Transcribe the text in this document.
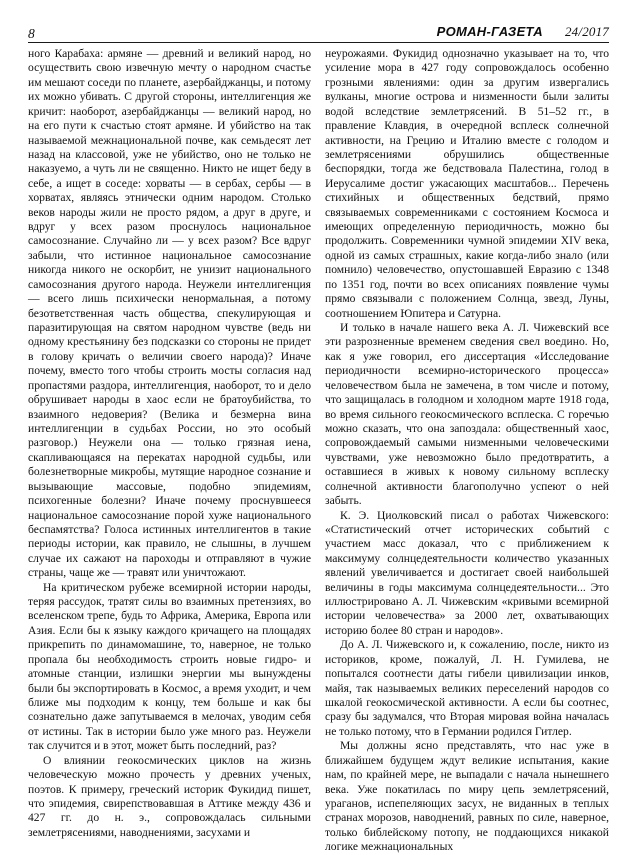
8	РОМАН-ГАЗЕТА 24/2017

ного Карабаха: армяне — древний и великий народ, но осуществить свою извечную мечту о народном счастье им мешают соседи по планете, азербайджанцы, и потому их можно убивать. С другой стороны, интеллигенция же кричит: наоборот, азербайджанцы — великий народ, но на его пути к счастью стоят армяне. И убийство на так называемой межнациональной почве, как семьдесят лет назад на классовой, уже не убийство, оно не только не наказуемо, а чуть ли не священно. Никто не ищет беду в себе, а ищет в соседе: хорваты — в сербах, сербы — в хорватах, являясь этнически одним народом. Столько веков народы жили не просто рядом, а друг в друге, и вдруг у всех разом проснулось национальное самосознание. Случайно ли — у всех разом? Все вдруг забыли, что истинное национальное самосознание никогда никого не оскорбит, не унизит национального самосознания другого народа. Неужели интеллигенция — всего лишь психически ненормальная, а потому безответственная часть общества, спекулирующая и паразитирующая на святом народном чувстве (ведь ни одному крестьянину без подсказки со стороны не придет в голову кричать о величии своего народа)? Иначе почему, вместо того чтобы строить мосты согласия над пропастями раздора, интеллигенция, наоборот, то и дело обрушивает народы в хаос если не братоубийства, то взаимного недоверия? (Велика и безмерна вина интеллигенции в судьбах России, но это особый разговор.) Неужели она — только грязная иена, скапливающаяся на перекатах народной судьбы, или болезнетворные микробы, мутящие народное сознание и вызывающие массовые, подобно эпидемиям, психогенные болезни? Иначе почему проснувшееся национальное самосознание порой хуже национального беспамятства? Голоса истинных интеллигентов в такие периоды истории, как правило, не слышны, в лучшем случае их сажают на пароходы и отправляют в чужие страны, чаще же — травят или уничтожают.

На критическом рубеже всемирной истории народы, теряя рассудок, тратят силы во взаимных претензиях, во вселенском трепе, будь то Африка, Америка, Европа или Азия. Если бы к языку каждого кричащего на площадях прикрепить по динамомашине, то, наверное, не только пропала бы необходимость строить новые гидро- и атомные станции, излишки энергии мы вынуждены были бы экспортировать в Космос, а время уходит, и чем ближе мы подходим к концу, тем больше и как бы сознательно даже запутываемся в мелочах, уводим себя от истины. Так в истории было уже много раз. Неужели так случится и в этот, может быть последний, раз?

О влиянии геокосмических циклов на жизнь человеческую можно прочесть у древних ученых, поэтов. К примеру, греческий историк Фукидид пишет, что эпидемия, свирепствовавшая в Аттике между 436 и 427 гг. до н. э., сопровождалась сильными землетрясениями, наводнениями, засухами и

неурожаями. Фукидид однозначно указывает на то, что усиление мора в 427 году сопровождалось особенно грозными явлениями: один за другим извергались вулканы, многие острова и низменности были залиты водой вследствие землетрясений. В 51–52 гг., в правление Клавдия, в очередной всплеск солнечной активности, на Грецию и Италию вместе с голодом и землетрясениями обрушились общественные беспорядки, тогда же бедствовала Палестина, голод в Иерусалиме достиг ужасающих масштабов... Перечень стихийных и общественных бедствий, прямо связываемых современниками с состоянием Космоса и имеющих определенную периодичность, можно бы продолжить. Современники чумной эпидемии XIV века, одной из самых страшных, какие когда-либо знало (или помнило) человечество, опустошавшей Евразию с 1348 по 1351 год, почти во всех описаниях появление чумы прямо связывали с положением Солнца, звезд, Луны, соотношением Юпитера и Сатурна.

И только в начале нашего века А. Л. Чижевский все эти разрозненные временем сведения свел воедино. Но, как я уже говорил, его диссертация «Исследование периодичности всемирно-исторического процесса» человечеством была не замечена, в том числе и потому, что защищалась в голодном и холодном марте 1918 года, во время сильного геокосмического всплеска. С горечью можно сказать, что она запоздала: общественный хаос, сопровождаемый самыми низменными человеческими чувствами, уже невозможно было предотвратить, а оставшиеся в живых к новому сильному всплеску солнечной активности благополучно успеют о ней забыть.

К. Э. Циолковский писал о работах Чижевского: «Статистический отчет исторических событий с участием масс доказал, что с приближением к максимуму солнцедеятельности количество указанных явлений увеличивается и достигает своей наибольшей величины в годы максимума солнцедеятельности... Это иллюстрировано А. Л. Чижевским «кривыми всемирной истории человечества» за 2000 лет, охватывающих историю более 80 стран и народов».

До А. Л. Чижевского и, к сожалению, после, никто из историков, кроме, пожалуй, Л. Н. Гумилева, не попытался соотнести даты гибели цивилизации инков, майя, так называемых великих переселений народов со шкалой геокосмической активности. А если бы соотнес, сразу бы задумался, что Вторая мировая война началась не только потому, что в Германии родился Гитлер.

Мы должны ясно представлять, что нас уже в ближайшем будущем ждут великие испытания, какие нам, по крайней мере, не выпадали с начала нынешнего века. Уже покатилась по миру цепь землетрясений, ураганов, испепеляющих засух, не виданных в теплых странах морозов, наводнений, равных по силе, наверное, только библейскому потопу, не поддающихся никакой логике межнациональных
